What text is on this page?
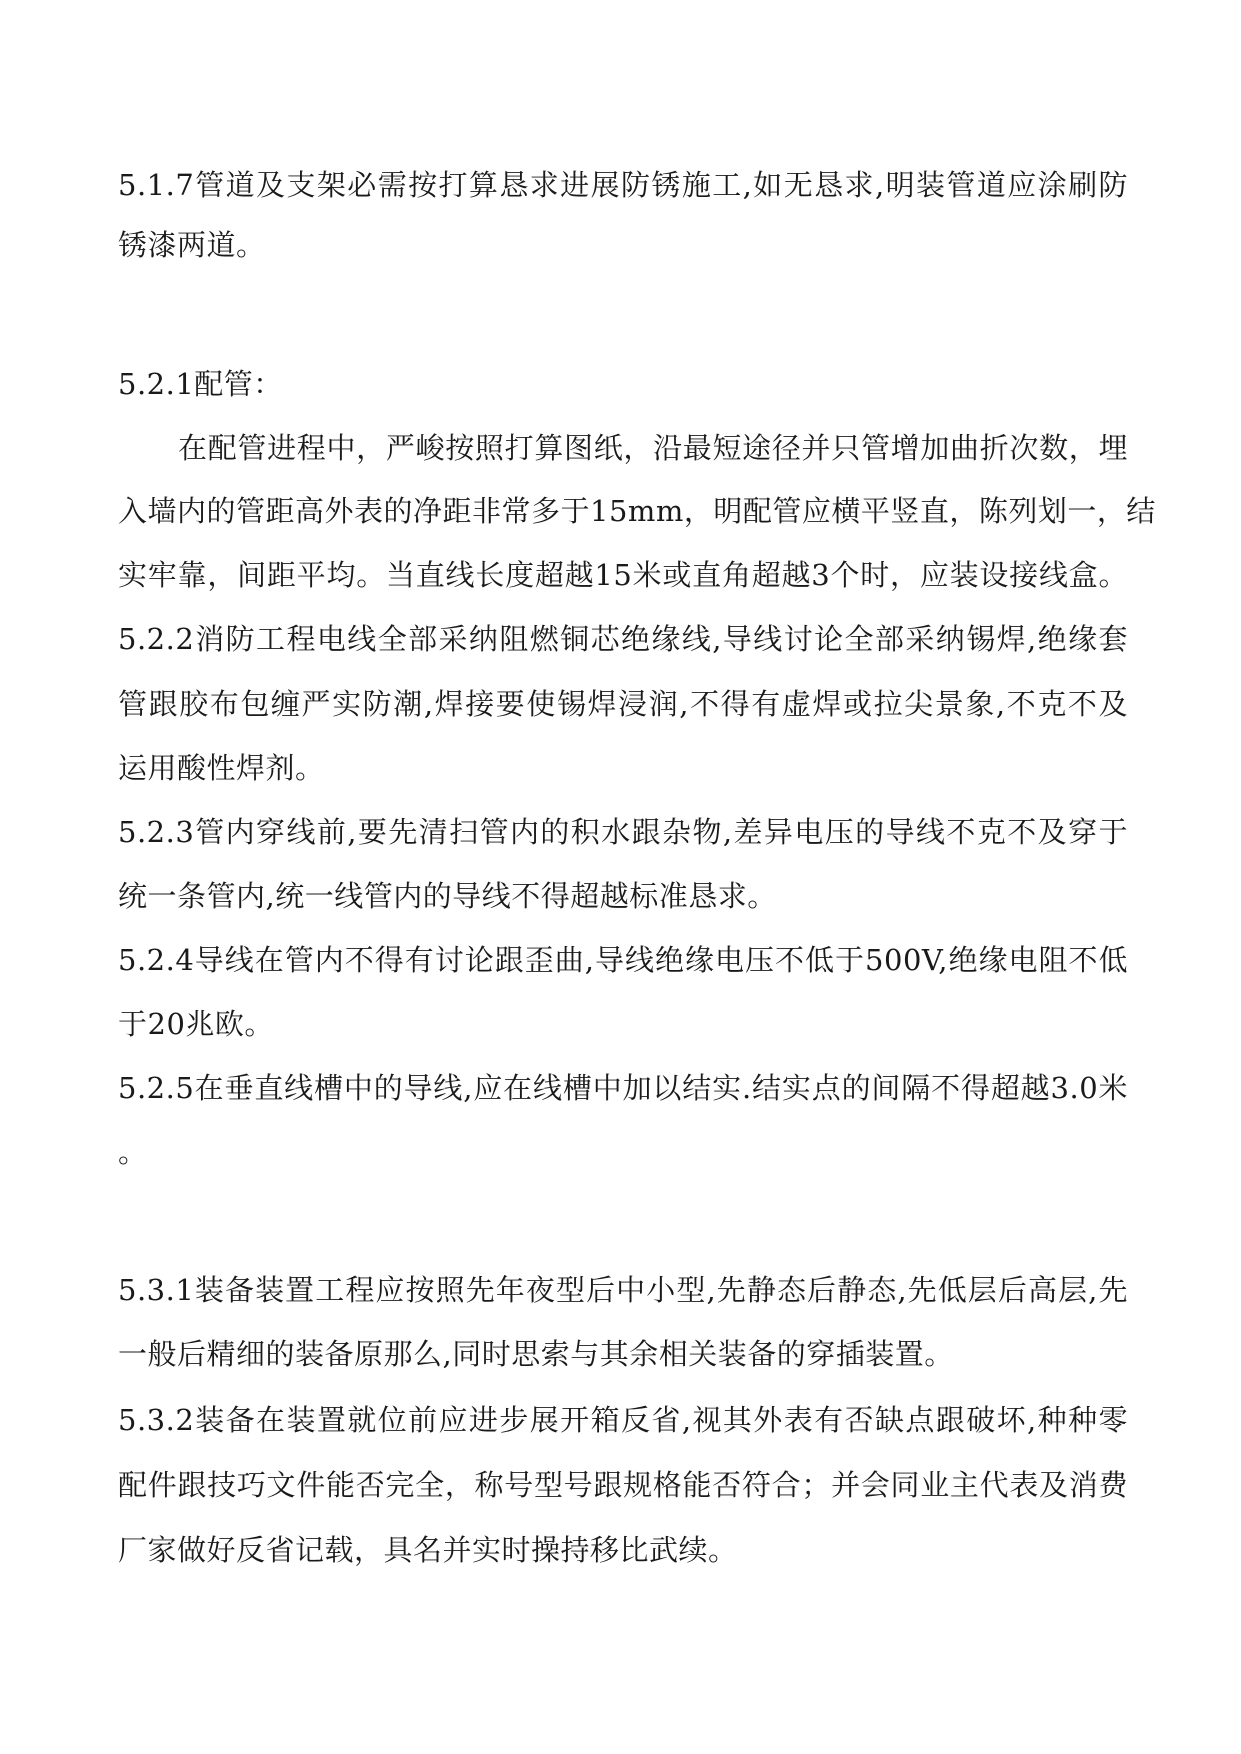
5.1.7管道及支架必需按打算恳求进展防锈施工,如无恳求,明装管道应涂刷防
锈漆两道。
5.2.1配管：
在配管进程中，严峻按照打算图纸，沿最短途径并只管增加曲折次数，埋
入墙内的管距高外表的净距非常多于15mm，明配管应横平竖直，陈列划一，结
实牢靠，间距平均。当直线长度超越15米或直角超越3个时，应装设接线盒。
5.2.2消防工程电线全部采纳阻燃铜芯绝缘线,导线讨论全部采纳锡焊,绝缘套
管跟胶布包缠严实防潮,焊接要使锡焊浸润,不得有虚焊或拉尖景象,不克不及
运用酸性焊剂。
5.2.3管内穿线前,要先清扫管内的积水跟杂物,差异电压的导线不克不及穿于
统一条管内,统一线管内的导线不得超越标准恳求。
5.2.4导线在管内不得有讨论跟歪曲,导线绝缘电压不低于500V,绝缘电阻不低
于20兆欧。
5.2.5在垂直线槽中的导线,应在线槽中加以结实.结实点的间隔不得超越3.0米
。
5.3.1装备装置工程应按照先年夜型后中小型,先静态后静态,先低层后高层,先
一般后精细的装备原那么,同时思索与其余相关装备的穿插装置。
5.3.2装备在装置就位前应进步展开箱反省,视其外表有否缺点跟破坏,种种零
配件跟技巧文件能否完全，称号型号跟规格能否符合；并会同业主代表及消费
厂家做好反省记载，具名并实时操持移比武续。
